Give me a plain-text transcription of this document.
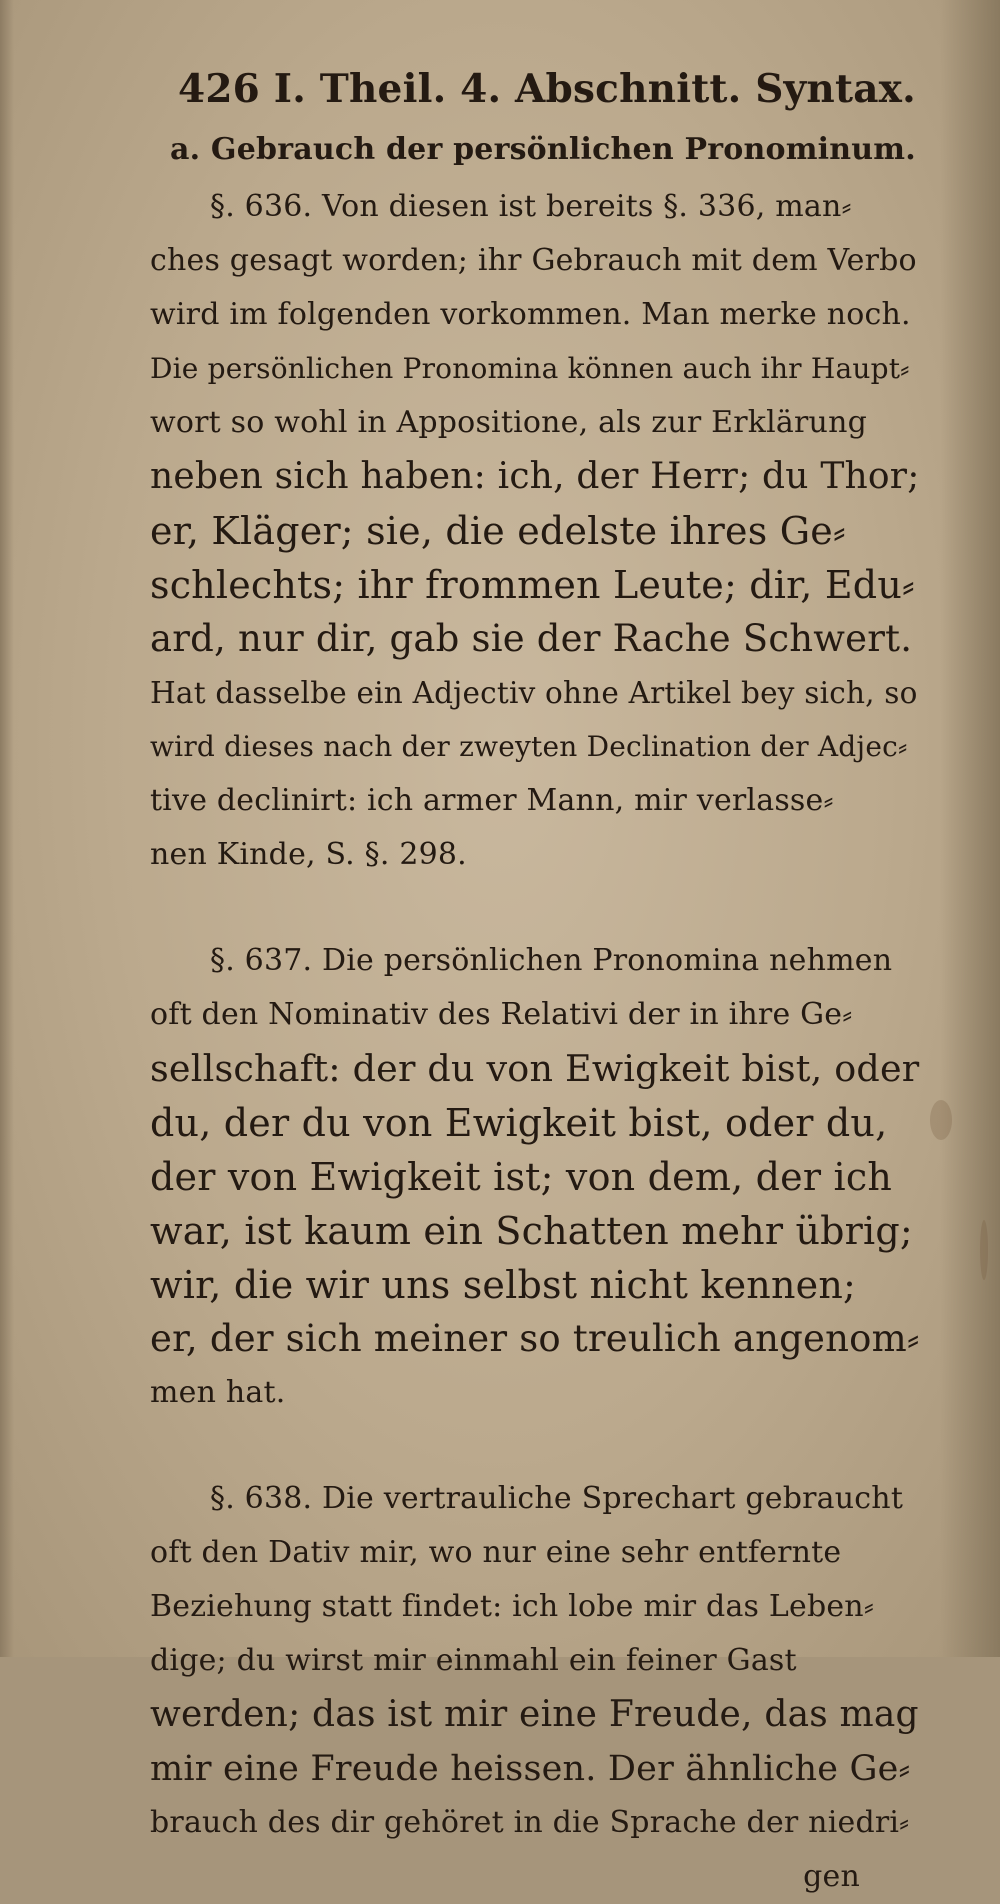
426 I. Theil. 4. Abschnitt. Syntax.
a. Gebrauch der persönlichen Pronominum.
§. 636. Von diesen ist bereits §. 336, man⸗
ches gesagt worden; ihr Gebrauch mit dem Verbo
wird im folgenden vorkommen. Man merke noch.
Die persönlichen Pronomina können auch ihr Haupt⸗
wort so wohl in Appositione, als zur Erklärung
neben sich haben: ich, der Herr; du Thor;
er, Kläger; sie, die edelste ihres Ge⸗
schlechts; ihr frommen Leute; dir, Edu⸗
ard, nur dir, gab sie der Rache Schwert.
Hat dasselbe ein Adjectiv ohne Artikel bey sich, so
wird dieses nach der zweyten Declination der Adjec⸗
tive declinirt: ich armer Mann, mir verlasse⸗
nen Kinde, S. §. 298.
§. 637. Die persönlichen Pronomina nehmen
oft den Nominativ des Relativi der in ihre Ge⸗
sellschaft: der du von Ewigkeit bist, oder
du, der du von Ewigkeit bist, oder du,
der von Ewigkeit ist; von dem, der ich
war, ist kaum ein Schatten mehr übrig;
wir, die wir uns selbst nicht kennen;
er, der sich meiner so treulich angenom⸗
men hat.
§. 638. Die vertrauliche Sprechart gebraucht
oft den Dativ mir, wo nur eine sehr entfernte
Beziehung statt findet: ich lobe mir das Leben⸗
dige; du wirst mir einmahl ein feiner Gast
werden; das ist mir eine Freude, das mag
mir eine Freude heissen. Der ähnliche Ge⸗
brauch des dir gehöret in die Sprache der niedri⸗
gen
